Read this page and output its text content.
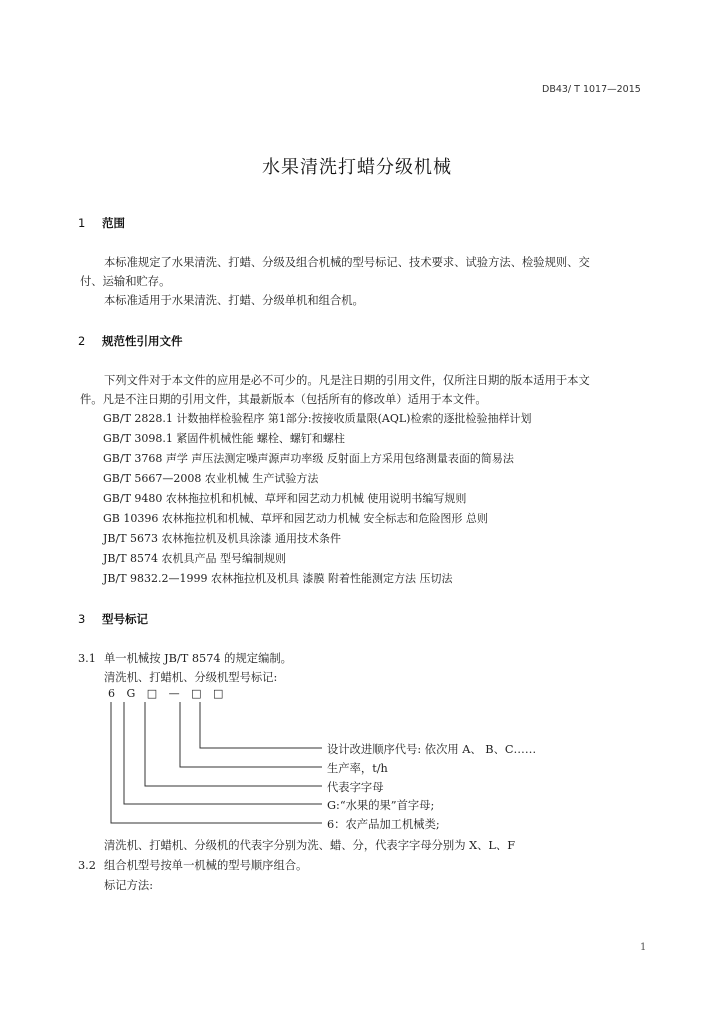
DB43/ T 1017—2015
水果清洗打蜡分级机械
1 范围
本标准规定了水果清洗、打蜡、分级及组合机械的型号标记、技术要求、试验方法、检验规则、交
付、运输和贮存。
本标准适用于水果清洗、打蜡、分级单机和组合机。
2 规范性引用文件
下列文件对于本文件的应用是必不可少的。凡是注日期的引用文件，仅所注日期的版本适用于本文
件。凡是不注日期的引用文件，其最新版本（包括所有的修改单）适用于本文件。
GB/T 2828.1 计数抽样检验程序 第1部分:按接收质量限(AQL)检索的逐批检验抽样计划
GB/T 3098.1 紧固件机械性能 螺栓、螺钉和螺柱
GB/T 3768 声学 声压法测定噪声源声功率级 反射面上方采用包络测量表面的简易法
GB/T 5667—2008 农业机械 生产试验方法
GB/T 9480 农林拖拉机和机械、草坪和园艺动力机械 使用说明书编写规则
GB 10396 农林拖拉机和机械、草坪和园艺动力机械 安全标志和危险图形 总则
JB/T 5673 农林拖拉机及机具涂漆 通用技术条件
JB/T 8574 农机具产品 型号编制规则
JB/T 9832.2—1999 农林拖拉机及机具 漆膜 附着性能测定方法 压切法
3 型号标记
3.1 单一机械按 JB/T 8574 的规定编制。
清洗机、打蜡机、分级机型号标记:
6 G □ — □ □
设计改进顺序代号: 依次用 A、 B、C……
生产率，t/h
代表字字母
G:“水果的果”首字母;
6：农产品加工机械类;
清洗机、打蜡机、分级机的代表字分别为洗、蜡、分，代表字字母分别为 X、L、F
3.2 组合机型号按单一机械的型号顺序组合。
标记方法:
1
